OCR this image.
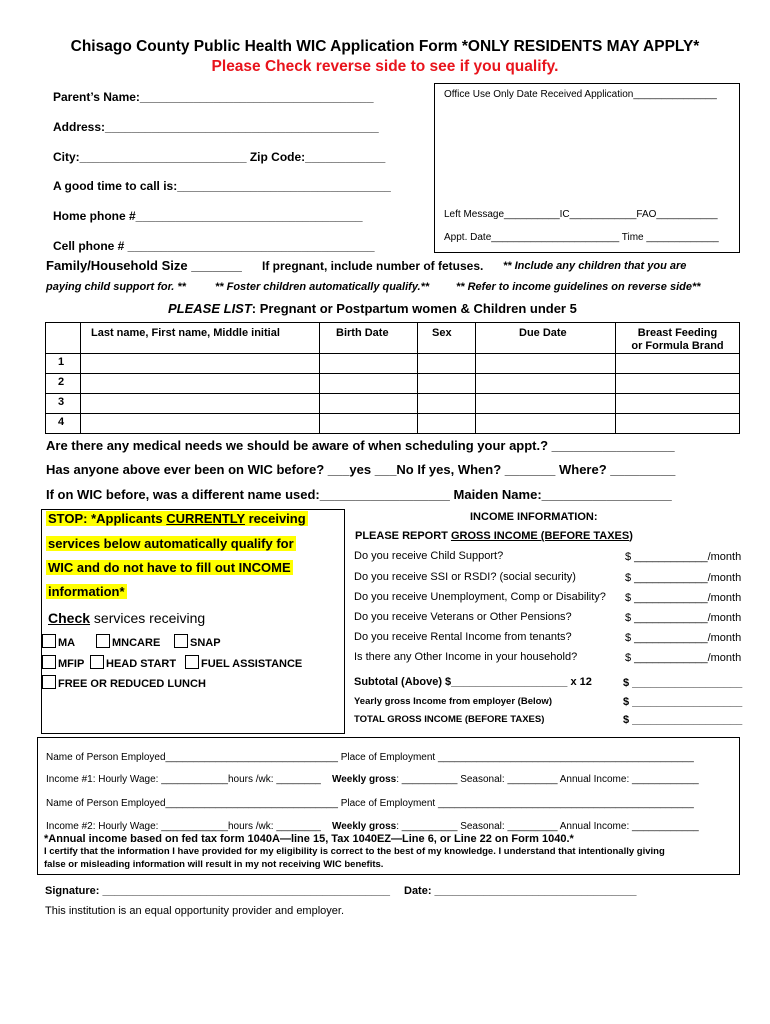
Chisago County Public Health WIC Application Form *ONLY RESIDENTS MAY APPLY*
Please Check reverse side to see if you qualify.
Parent’s Name:___________________________________
Address:_________________________________________
City:_________________________ Zip Code:____________
A good time to call is:________________________________
Home phone #__________________________________
Cell phone # _____________________________________
Office Use Only Date Received Application_______________
Left Message__________IC____________FAO___________
Appt. Date_______________________ Time _____________
Family/Household Size _______ If pregnant, include number of fetuses. ** Include any children that you are
paying child support for. **	** Foster children automatically qualify.** ** Refer to income guidelines on reverse side**
PLEASE LIST: Pregnant or Postpartum women & Children under 5

	Last name, First name, Middle initial	Birth Date	Sex	Due Date	Breast Feeding
or Formula Brand

1					

2					

3					

4					

Are there any medical needs we should be aware of when scheduling your appt.? _________________
Has anyone above ever been on WIC before? ___yes ___No If yes, When? _______ Where? _________
If on WIC before, was a different name used:__________________ Maiden Name:__________________
STOP: *Applicants CURRENTLY receiving
services below automatically qualify for
WIC and do not have to fill out INCOME
information*
Check services receiving
MA	MNCARE	SNAP
MFIP	HEAD START	FUEL ASSISTANCE
FREE OR REDUCED LUNCH
INCOME INFORMATION:
PLEASE REPORT GROSS INCOME (BEFORE TAXES)
Do you receive Child Support?	$ ____________/month
Do you receive SSI or RSDI? (social security)	$ ____________/month
Do you receive Unemployment, Comp or Disability? $ ____________/month
Do you receive Veterans or Other Pensions?	$ ____________/month
Do you receive Rental Income from tenants?	$ ____________/month
Is there any Other Income in your household?	$ ____________/month
Subtotal (Above) $___________________ x 12	$ __________________
Yearly gross Income from employer (Below)	$ __________________
TOTAL GROSS INCOME (BEFORE TAXES)	$ __________________
Name of Person Employed_______________________________ Place of Employment ______________________________________________
Income #1: Hourly Wage: ____________hours /wk: ________ Weekly gross: __________ Seasonal: _________ Annual Income: ____________
Name of Person Employed_______________________________ Place of Employment ______________________________________________
Income #2: Hourly Wage: ____________hours /wk: ________ Weekly gross: __________ Seasonal: _________ Annual Income: ____________
*Annual income based on fed tax form 1040A—line 15, Tax 1040EZ—Line 6, or Line 22 on Form 1040.*
I certify that the information I have provided for my eligibility is correct to the best of my knowledge. I understand that intentionally giving
false or misleading information will result in my not receiving WIC benefits.
Signature: _______________________________________________ Date: _________________________________
This institution is an equal opportunity provider and employer.
